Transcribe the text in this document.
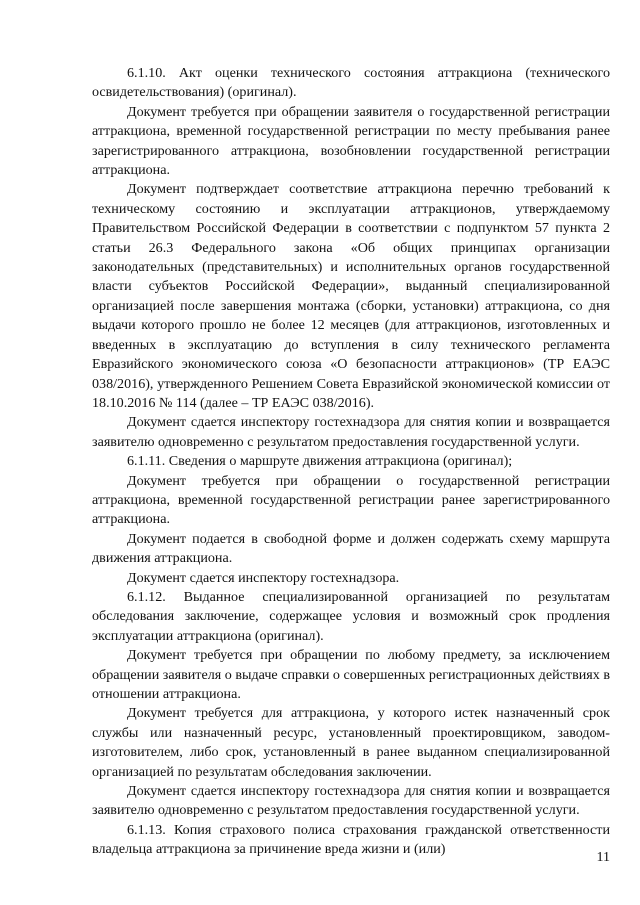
6.1.10. Акт оценки технического состояния аттракциона (технического освидетельствования) (оригинал).

Документ требуется при обращении заявителя о государственной регистрации аттракциона, временной государственной регистрации по месту пребывания ранее зарегистрированного аттракциона, возобновлении государственной регистрации аттракциона.

Документ подтверждает соответствие аттракциона перечню требований к техническому состоянию и эксплуатации аттракционов, утверждаемому Правительством Российской Федерации в соответствии с подпунктом 57 пункта 2 статьи 26.3 Федерального закона «Об общих принципах организации законодательных (представительных) и исполнительных органов государственной власти субъектов Российской Федерации», выданный специализированной организацией после завершения монтажа (сборки, установки) аттракциона, со дня выдачи которого прошло не более 12 месяцев (для аттракционов, изготовленных и введенных в эксплуатацию до вступления в силу технического регламента Евразийского экономического союза «О безопасности аттракционов» (ТР ЕАЭС 038/2016), утвержденного Решением Совета Евразийской экономической комиссии от 18.10.2016 № 114 (далее – ТР ЕАЭС 038/2016).

Документ сдается инспектору гостехнадзора для снятия копии и возвращается заявителю одновременно с результатом предоставления государственной услуги.

6.1.11. Сведения о маршруте движения аттракциона (оригинал);

Документ требуется при обращении о государственной регистрации аттракциона, временной государственной регистрации ранее зарегистрированного аттракциона.

Документ подается в свободной форме и должен содержать схему маршрута движения аттракциона.

Документ сдается инспектору гостехнадзора.

6.1.12. Выданное специализированной организацией по результатам обследования заключение, содержащее условия и возможный срок продления эксплуатации аттракциона (оригинал).

Документ требуется при обращении по любому предмету, за исключением обращении заявителя о выдаче справки о совершенных регистрационных действиях в отношении аттракциона.

Документ требуется для аттракциона, у которого истек назначенный срок службы или назначенный ресурс, установленный проектировщиком, заводом-изготовителем, либо срок, установленный в ранее выданном специализированной организацией по результатам обследования заключении.

Документ сдается инспектору гостехнадзора для снятия копии и возвращается заявителю одновременно с результатом предоставления государственной услуги.

6.1.13. Копия страхового полиса страхования гражданской ответственности владельца аттракциона за причинение вреда жизни и (или)

11
